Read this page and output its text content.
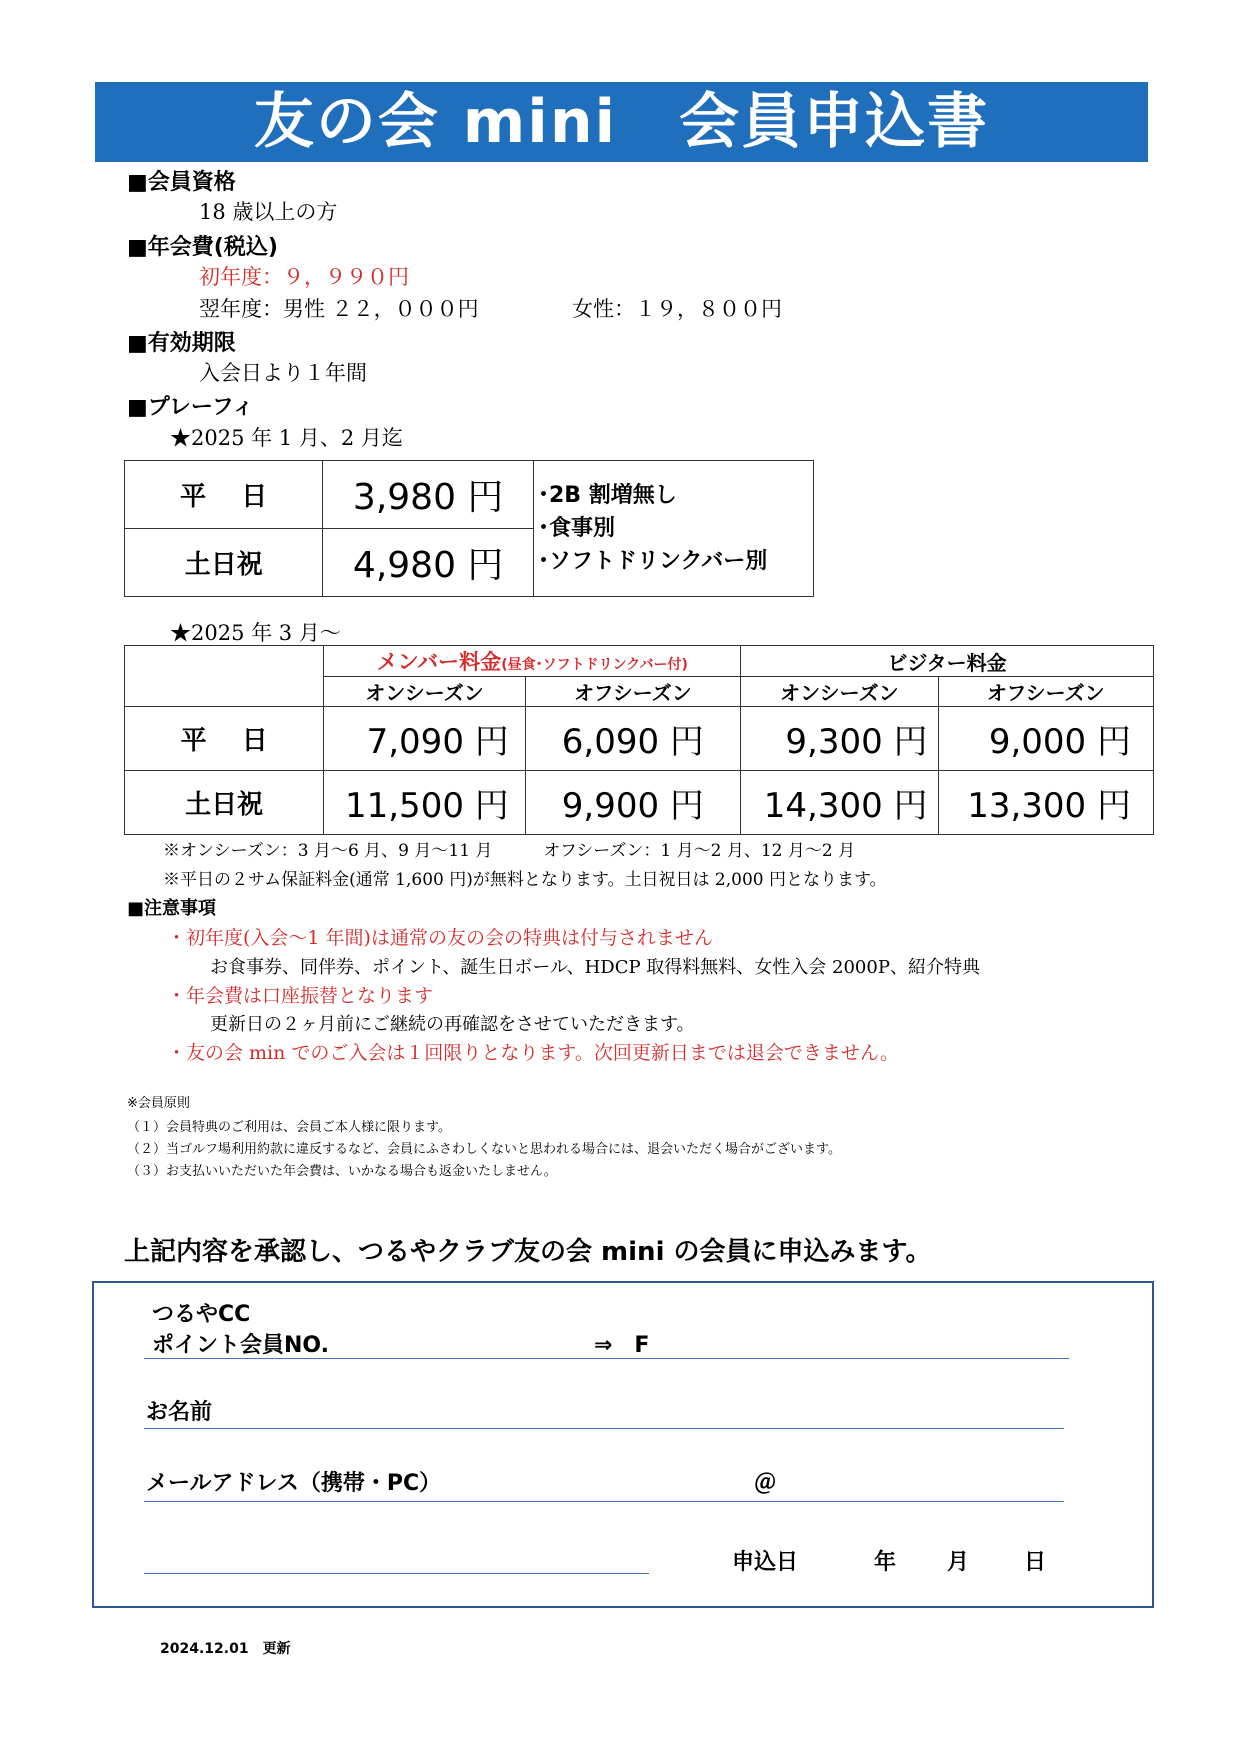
友の会 mini　会員申込書
■会員資格
18 歳以上の方
■年会費(税込)
初年度：９，９９０円
翌年度：男性 ２２，０００円	女性：１９，８００円
■有効期限
入会日より１年間
■プレーフィ
★2025 年 1 月、2 月迄
平　 日	3,980 円	･2B 割増無し
･食事別
･ソフトドリンクバー別

土日祝	4,980 円	
★2025 年 3 月～
	メンバー料金(昼食･ソフトドリンクバー付)		ビジター料金	
	オンシーズン	オフシーズン	オンシーズン	オフシーズン
平　 日	7,090 円	6,090 円	9,300 円	9,000 円
土日祝	11,500 円	9,900 円	14,300 円	13,300 円
※オンシーズン：3 月～6 月、9 月～11 月　　　オフシーズン：1 月～2 月、12 月～2 月
※平日の２サム保証料金(通常 1,600 円)が無料となります。土日祝日は 2,000 円となります。
■注意事項
・初年度(入会～1 年間)は通常の友の会の特典は付与されません
お食事券、同伴券、ポイント、誕生日ボール、HDCP 取得料無料、女性入会 2000P、紹介特典
・年会費は口座振替となります
更新日の２ヶ月前にご継続の再確認をさせていただきます。
・友の会 min でのご入会は１回限りとなります。次回更新日までは退会できません。
※会員原則
（１）会員特典のご利用は、会員ご本人様に限ります。
（２）当ゴルフ場利用約款に違反するなど、会員にふさわしくないと思われる場合には、退会いただく場合がございます。
（３）お支払いいただいた年会費は、いかなる場合も返金いたしません。
上記内容を承認し、つるやクラブ友の会 mini の会員に申込みます。
つるやCC
ポイント会員NO.	⇒　F
お名前
メールアドレス（携帯・PC）	＠
申込日	年 月 日
2024.12.01　更新
